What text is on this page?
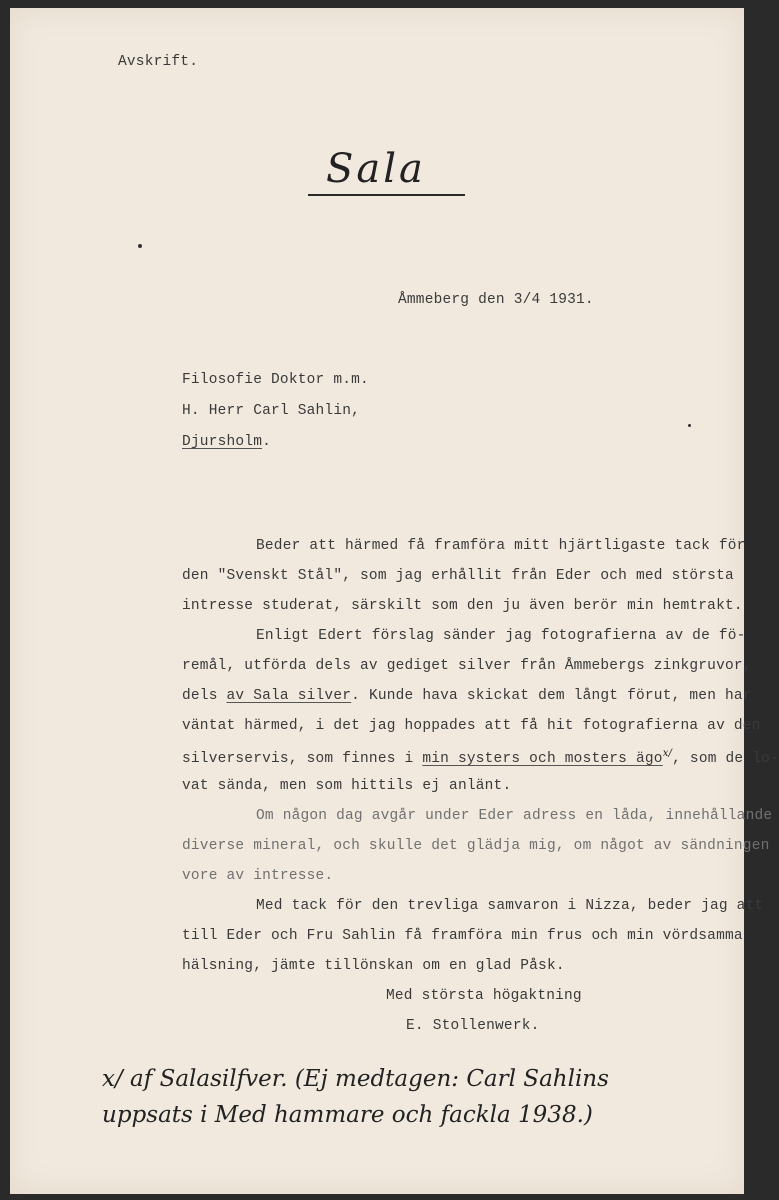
Avskrift.
Sala
Åmmeberg den 3/4 1931.
Filosofie Doktor m.m.
H. Herr Carl Sahlin,
Djursholm.
Beder att härmed få framföra mitt hjärtligaste tack för
den "Svenskt Stål", som jag erhållit från Eder och med största
intresse studerat, särskilt som den ju även berör min hemtrakt.
Enligt Edert förslag sänder jag fotografierna av de fö-
remål, utförda dels av gediget silver från Åmmebergs zinkgruvor,
dels av Sala silver. Kunde hava skickat dem långt förut, men har
väntat härmed, i det jag hoppades att få hit fotografierna av den
silverservis, som finnes i min systers och mosters ägo$^{x/}$, som de lo-
vat sända, men som hittils ej anlänt.
Om någon dag avgår under Eder adress en låda, innehållande
diverse mineral, och skulle det glädja mig, om något av sändningen
vore av intresse.
Med tack för den trevliga samvaron i Nizza, beder jag att
till Eder och Fru Sahlin få framföra min frus och min vördsamma
hälsning, jämte tillönskan om en glad Påsk.
Med största högaktning
E. Stollenwerk.
x/ af Salasilfver. (Ej medtagen: Carl Sahlins
uppsats i Med hammare och fackla 1938.)
